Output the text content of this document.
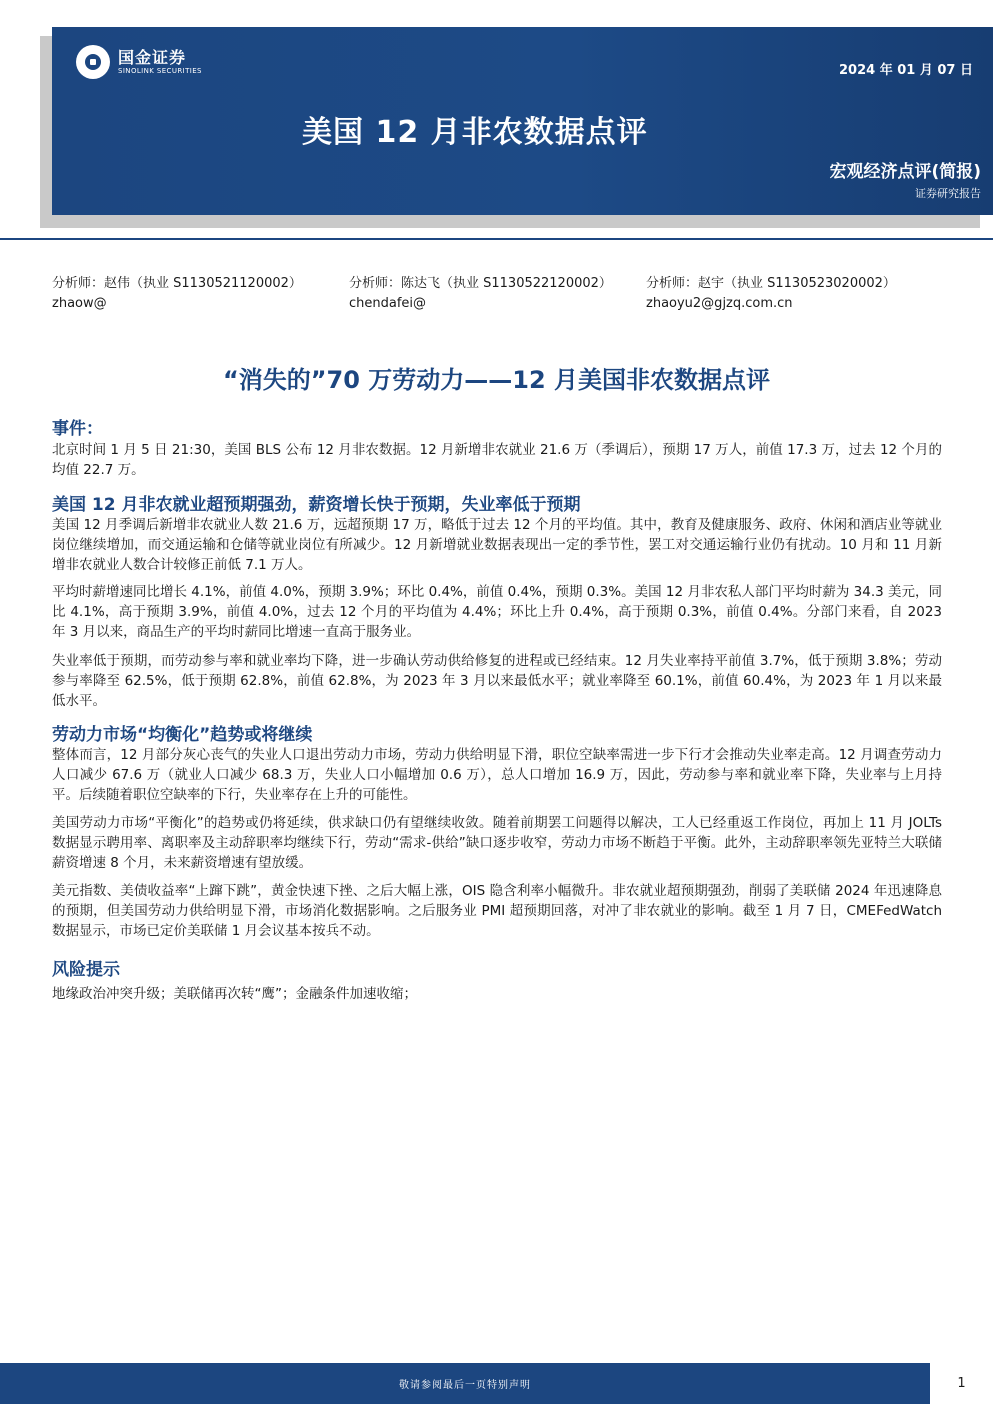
国金证券
SINOLINK SECURITIES	2024 年 01 月 07 日
美国 12 月非农数据点评
宏观经济点评(简报)
证券研究报告
分析师：赵伟（执业 S1130521120002）
zhaow@
分析师：陈达飞（执业 S1130522120002）
chendafei@
分析师：赵宇（执业 S1130523020002）
zhaoyu2@gjzq.com.cn
“消失的”70 万劳动力——12 月美国非农数据点评
事件：
北京时间 1 月 5 日 21:30，美国 BLS 公布 12 月非农数据。12 月新增非农就业 21.6 万（季调后），预期 17 万人，前值 17.3 万，过去 12 个月的均值 22.7 万。
美国 12 月非农就业超预期强劲，薪资增长快于预期，失业率低于预期
美国 12 月季调后新增非农就业人数 21.6 万，远超预期 17 万，略低于过去 12 个月的平均值。其中，教育及健康服务、政府、休闲和酒店业等就业岗位继续增加，而交通运输和仓储等就业岗位有所减少。12 月新增就业数据表现出一定的季节性，罢工对交通运输行业仍有扰动。10 月和 11 月新增非农就业人数合计较修正前低 7.1 万人。
平均时薪增速同比增长 4.1%，前值 4.0%，预期 3.9%；环比 0.4%，前值 0.4%，预期 0.3%。美国 12 月非农私人部门平均时薪为 34.3 美元，同比 4.1%，高于预期 3.9%，前值 4.0%，过去 12 个月的平均值为 4.4%；环比上升 0.4%，高于预期 0.3%，前值 0.4%。分部门来看，自 2023 年 3 月以来，商品生产的平均时薪同比增速一直高于服务业。
失业率低于预期，而劳动参与率和就业率均下降，进一步确认劳动供给修复的进程或已经结束。12 月失业率持平前值 3.7%，低于预期 3.8%；劳动参与率降至 62.5%，低于预期 62.8%，前值 62.8%，为 2023 年 3 月以来最低水平；就业率降至 60.1%，前值 60.4%，为 2023 年 1 月以来最低水平。
劳动力市场“均衡化”趋势或将继续
整体而言，12 月部分灰心丧气的失业人口退出劳动力市场，劳动力供给明显下滑，职位空缺率需进一步下行才会推动失业率走高。12 月调查劳动力人口减少 67.6 万（就业人口减少 68.3 万，失业人口小幅增加 0.6 万），总人口增加 16.9 万，因此，劳动参与率和就业率下降，失业率与上月持平。后续随着职位空缺率的下行，失业率存在上升的可能性。
美国劳动力市场“平衡化”的趋势或仍将延续，供求缺口仍有望继续收敛。随着前期罢工问题得以解决，工人已经重返工作岗位，再加上 11 月 JOLTs 数据显示聘用率、离职率及主动辞职率均继续下行，劳动“需求-供给”缺口逐步收窄，劳动力市场不断趋于平衡。此外，主动辞职率领先亚特兰大联储薪资增速 8 个月，未来薪资增速有望放缓。
美元指数、美债收益率“上蹿下跳”，黄金快速下挫、之后大幅上涨，OIS 隐含利率小幅微升。非农就业超预期强劲，削弱了美联储 2024 年迅速降息的预期，但美国劳动力供给明显下滑，市场消化数据影响。之后服务业 PMI 超预期回落，对冲了非农就业的影响。截至 1 月 7 日，CMEFedWatch 数据显示，市场已定价美联储 1 月会议基本按兵不动。
风险提示
地缘政治冲突升级；美联储再次转“鹰”；金融条件加速收缩；
敬请参阅最后一页特别声明	1
